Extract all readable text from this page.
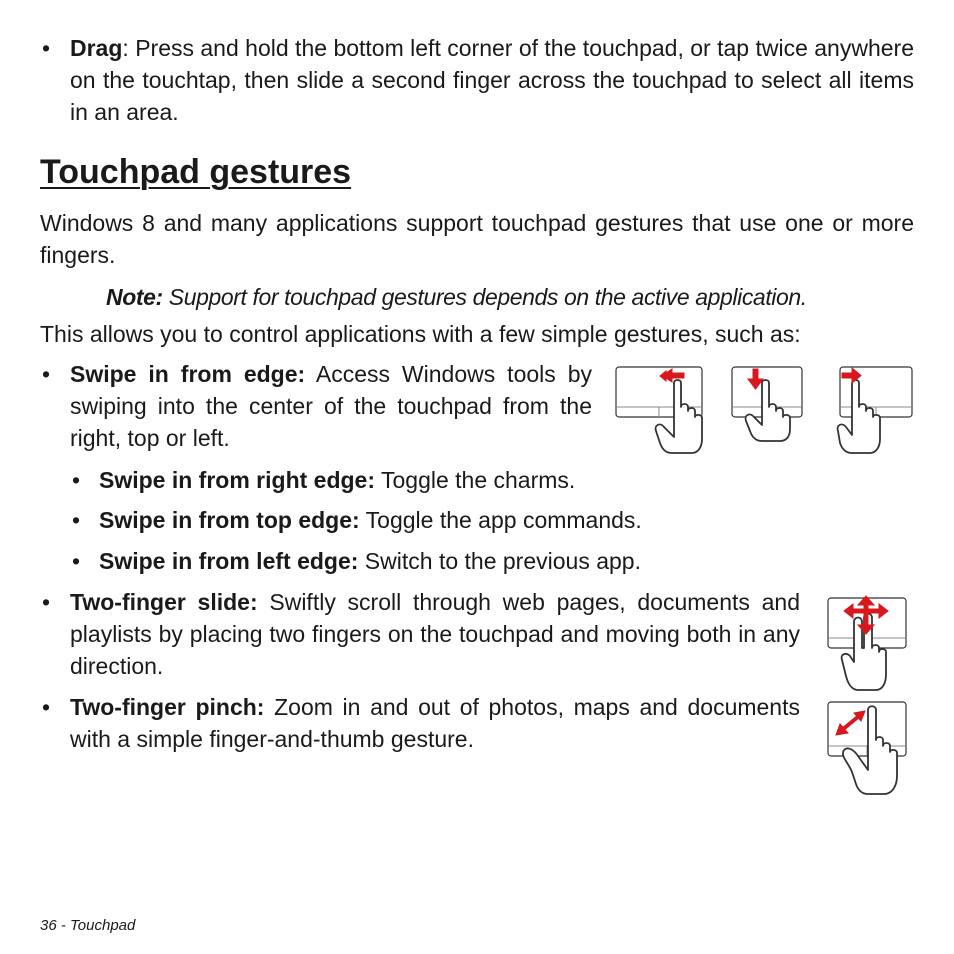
• Drag: Press and hold the bottom left corner of the touchpad, or tap twice anywhere on the touchtap, then slide a second finger across the touchpad to select all items in an area.
Touchpad gestures
Windows 8 and many applications support touchpad gestures that use one or more fingers.
Note: Support for touchpad gestures depends on the active application.
This allows you to control applications with a few simple gestures, such as:
• Swipe in from edge: Access Windows tools by swiping into the center of the touchpad from the right, top or left.
• Swipe in from right edge: Toggle the charms.
• Swipe in from top edge: Toggle the app commands.
• Swipe in from left edge: Switch to the previous app.
• Two-finger slide: Swiftly scroll through web pages, documents and playlists by placing two fingers on the touchpad and moving both in any direction.
• Two-finger pinch: Zoom in and out of photos, maps and documents with a simple finger-and-thumb gesture.
36 - Touchpad
